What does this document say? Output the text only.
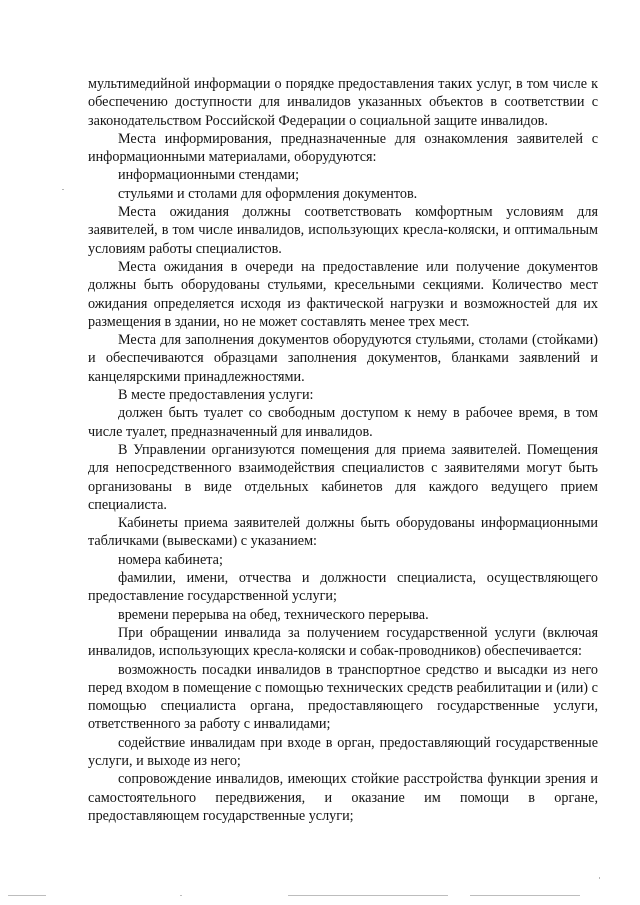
мультимедийной информации о порядке предоставления таких услуг, в том числе к обеспечению доступности для инвалидов указанных объектов в соответствии с законодательством Российской Федерации о социальной защите инвалидов.

Места информирования, предназначенные для ознакомления заявителей с информационными материалами, оборудуются:

информационными стендами;

стульями и столами для оформления документов.

Места ожидания должны соответствовать комфортным условиям для заявителей, в том числе инвалидов, использующих кресла-коляски, и оптимальным условиям работы специалистов.

Места ожидания в очереди на предоставление или получение документов должны быть оборудованы стульями, кресельными секциями. Количество мест ожидания определяется исходя из фактической нагрузки и возможностей для их размещения в здании, но не может составлять менее трех мест.

Места для заполнения документов оборудуются стульями, столами (стойками) и обеспечиваются образцами заполнения документов, бланками заявлений и канцелярскими принадлежностями.

В месте предоставления услуги:

должен быть туалет со свободным доступом к нему в рабочее время, в том числе туалет, предназначенный для инвалидов.

В Управлении организуются помещения для приема заявителей. Помещения для непосредственного взаимодействия специалистов с заявителями могут быть организованы в виде отдельных кабинетов для каждого ведущего прием специалиста.

Кабинеты приема заявителей должны быть оборудованы информационными табличками (вывесками) с указанием:

номера кабинета;

фамилии, имени, отчества и должности специалиста, осуществляющего предоставление государственной услуги;

времени перерыва на обед, технического перерыва.

При обращении инвалида за получением государственной услуги (включая инвалидов, использующих кресла-коляски и собак-проводников) обеспечивается:

возможность посадки инвалидов в транспортное средство и высадки из него перед входом в помещение с помощью технических средств реабилитации и (или) с помощью специалиста органа, предоставляющего государственные услуги, ответственного за работу с инвалидами;

содействие инвалидам при входе в орган, предоставляющий государственные услуги, и выходе из него;

сопровождение инвалидов, имеющих стойкие расстройства функции зрения и самостоятельного передвижения, и оказание им помощи в органе, предоставляющем государственные услуги;
